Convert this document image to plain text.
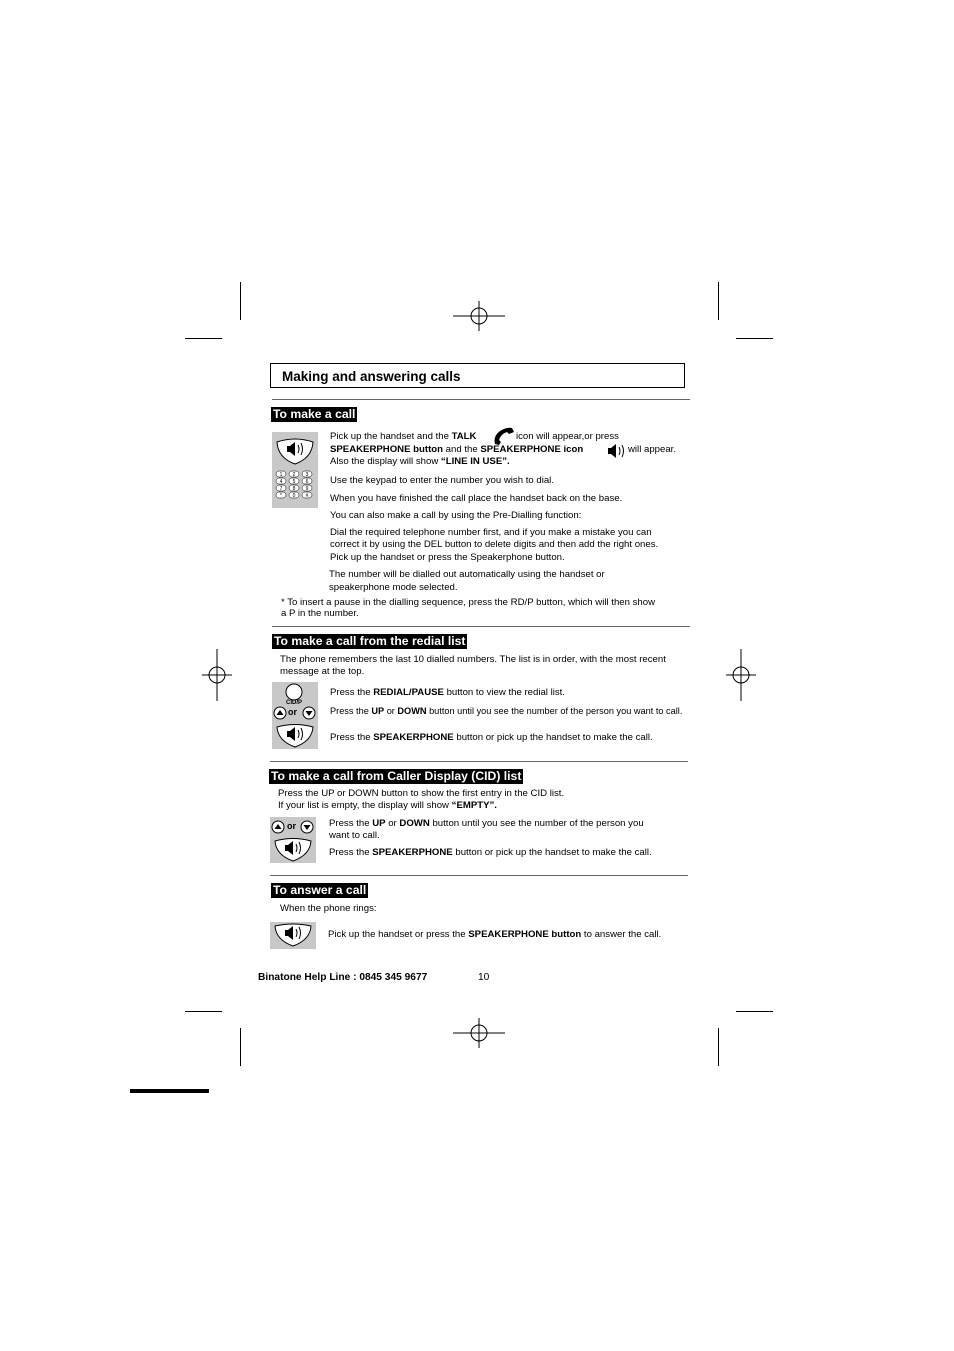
Making and answering calls
To make a call
1 2 3
4 5 6
7 8 9
* 0 #
Pick up the handset and the TALK	icon will appear,or press
SPEAKERPHONE button and the SPEAKERPHONE icon	will appear.
Also the display will show “LINE IN USE”.
Use the keypad to enter the number you wish to dial.
When you have finished the call place the handset back on the base.
You can also make a call by using the Pre-Dialling function:
Dial the required telephone number first, and if you make a mistake you can
correct it by using the DEL button to delete digits and then add the right ones.
Pick up the handset or press the Speakerphone button.
The number will be dialled out automatically using the handset or
speakerphone mode selected.
* To insert a pause in the dialling sequence, press the RD/P button, which will then show
a P in the number.
To make a call from the redial list
The phone remembers the last 10 dialled numbers. The list is in order, with the most recent
message at the top.
CID/P
or
Press the REDIAL/PAUSE button to view the redial list.
Press the UP or DOWN button until you see the number of the person you want to call.
Press the SPEAKERPHONE button or pick up the handset to make the call.
To make a call from Caller Display (CID) list
Press the UP or DOWN button to show the first entry in the CID list.
If your list is empty, the display will show “EMPTY”.
or	Press the UP or DOWN button until you see the number of the person you
want to call.
Press the SPEAKERPHONE button or pick up the handset to make the call.
To answer a call
When the phone rings:
Pick up the handset or press the SPEAKERPHONE button to answer the call.
Binatone Help Line : 0845 345 9677	10
